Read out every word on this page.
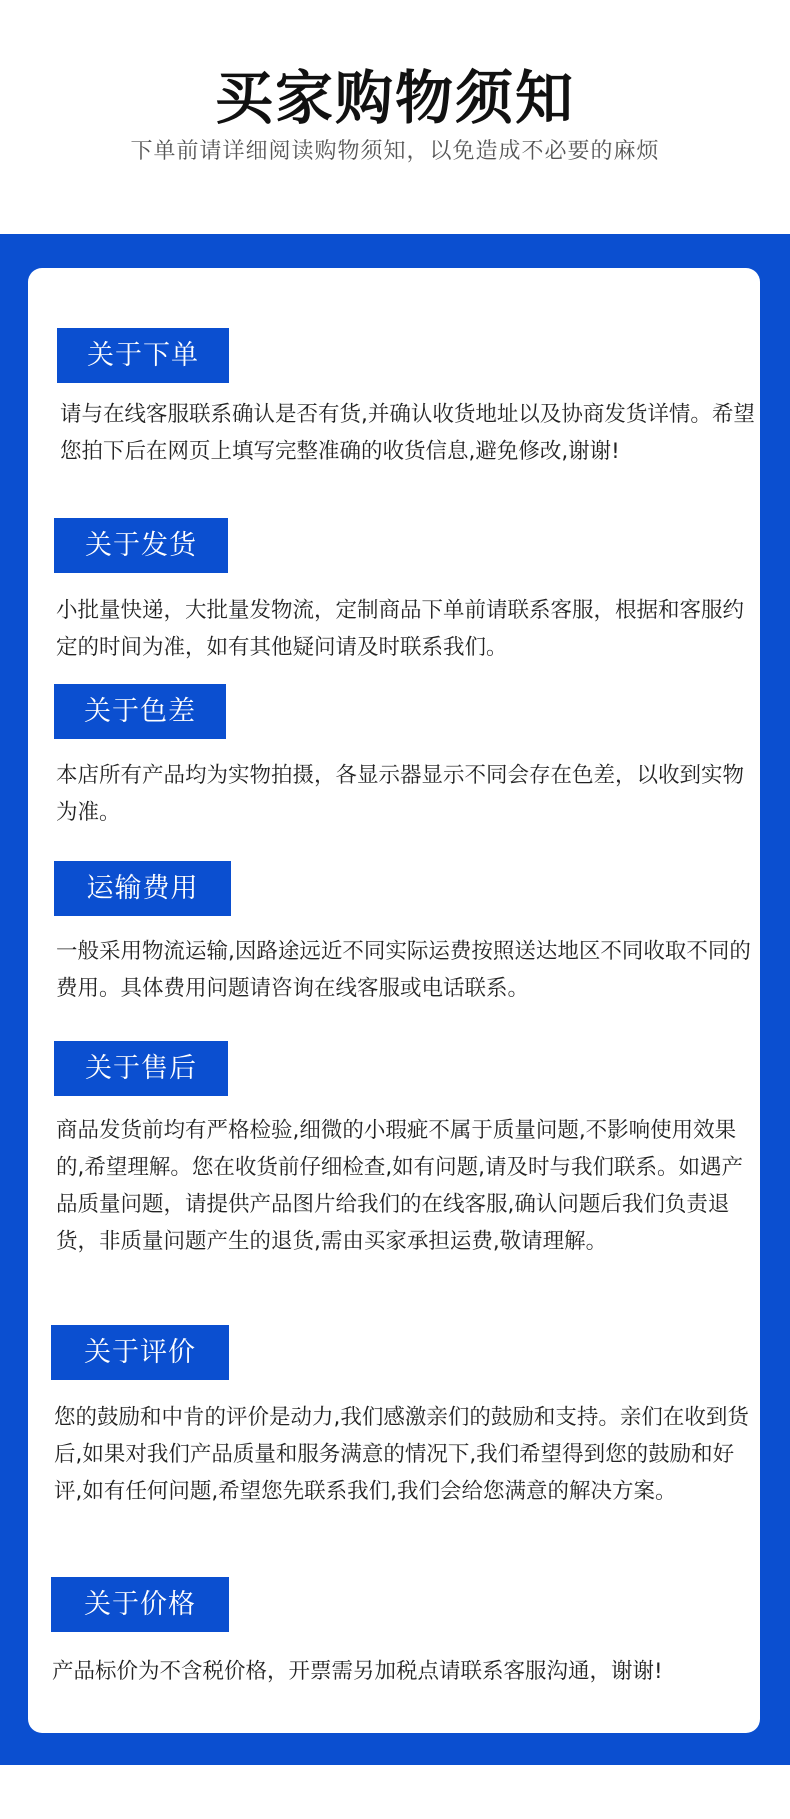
买家购物须知
下单前请详细阅读购物须知，以免造成不必要的麻烦
关于下单
请与在线客服联系确认是否有货,并确认收货地址以及协商发货详情。希望您拍下后在网页上填写完整准确的收货信息,避免修改,谢谢!
关于发货
小批量快递，大批量发物流，定制商品下单前请联系客服，根据和客服约定的时间为准，如有其他疑问请及时联系我们。
关于色差
本店所有产品均为实物拍摄，各显示器显示不同会存在色差，以收到实物为准。
运输费用
一般采用物流运输,因路途远近不同实际运费按照送达地区不同收取不同的费用。具体费用问题请咨询在线客服或电话联系。
关于售后
商品发货前均有严格检验,细微的小瑕疵不属于质量问题,不影响使用效果的,希望理解。您在收货前仔细检查,如有问题,请及时与我们联系。如遇产品质量问题，请提供产品图片给我们的在线客服,确认问题后我们负责退货，非质量问题产生的退货,需由买家承担运费,敬请理解。
关于评价
您的鼓励和中肯的评价是动力,我们感激亲们的鼓励和支持。亲们在收到货后,如果对我们产品质量和服务满意的情况下,我们希望得到您的鼓励和好评,如有任何问题,希望您先联系我们,我们会给您满意的解决方案。
关于价格
产品标价为不含税价格，开票需另加税点请联系客服沟通，谢谢!
